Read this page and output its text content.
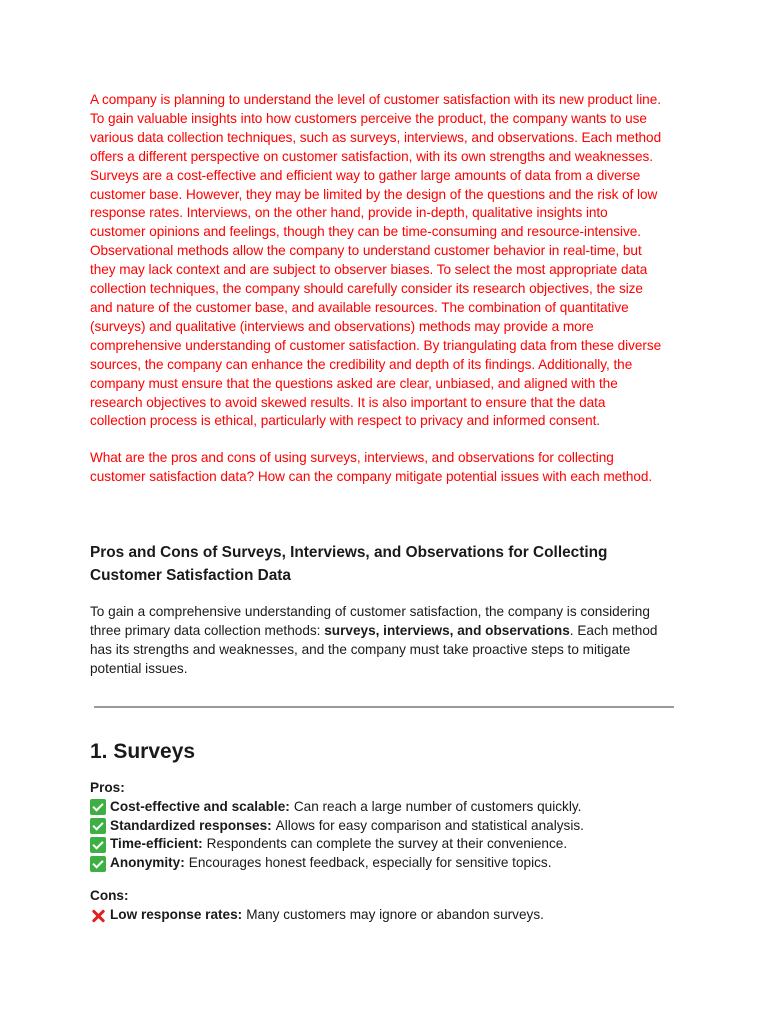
A company is planning to understand the level of customer satisfaction with its new product line.
To gain valuable insights into how customers perceive the product, the company wants to use
various data collection techniques, such as surveys, interviews, and observations. Each method
offers a different perspective on customer satisfaction, with its own strengths and weaknesses.
Surveys are a cost-effective and efficient way to gather large amounts of data from a diverse
customer base. However, they may be limited by the design of the questions and the risk of low
response rates. Interviews, on the other hand, provide in-depth, qualitative insights into
customer opinions and feelings, though they can be time-consuming and resource-intensive.
Observational methods allow the company to understand customer behavior in real-time, but
they may lack context and are subject to observer biases. To select the most appropriate data
collection techniques, the company should carefully consider its research objectives, the size
and nature of the customer base, and available resources. The combination of quantitative
(surveys) and qualitative (interviews and observations) methods may provide a more
comprehensive understanding of customer satisfaction. By triangulating data from these diverse
sources, the company can enhance the credibility and depth of its findings. Additionally, the
company must ensure that the questions asked are clear, unbiased, and aligned with the
research objectives to avoid skewed results. It is also important to ensure that the data
collection process is ethical, particularly with respect to privacy and informed consent.

What are the pros and cons of using surveys, interviews, and observations for collecting
customer satisfaction data? How can the company mitigate potential issues with each method.

Pros and Cons of Surveys, Interviews, and Observations for Collecting
Customer Satisfaction Data

To gain a comprehensive understanding of customer satisfaction, the company is considering
three primary data collection methods: surveys, interviews, and observations. Each method
has its strengths and weaknesses, and the company must take proactive steps to mitigate
potential issues.

1. Surveys
Pros:
Cost-effective and scalable: Can reach a large number of customers quickly.
Standardized responses: Allows for easy comparison and statistical analysis.
Time-efficient: Respondents can complete the survey at their convenience.
Anonymity: Encourages honest feedback, especially for sensitive topics.
Cons:
Low response rates: Many customers may ignore or abandon surveys.
